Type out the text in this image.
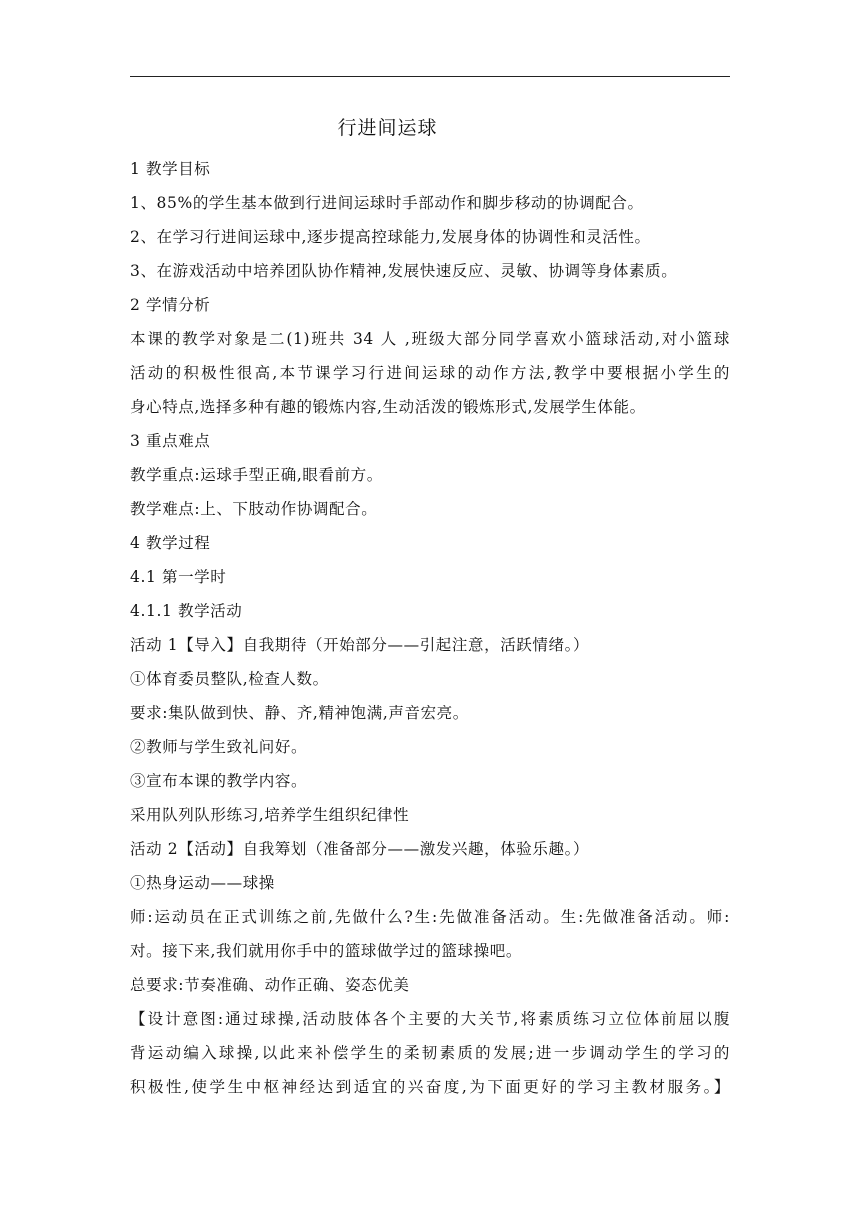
行进间运球
1 教学目标
1、85%的学生基本做到行进间运球时手部动作和脚步移动的协调配合。
2、在学习行进间运球中,逐步提高控球能力,发展身体的协调性和灵活性。
3、在游戏活动中培养团队协作精神,发展快速反应、灵敏、协调等身体素质。
2 学情分析
本课的教学对象是二(1)班共 34 人 ,班级大部分同学喜欢小篮球活动,对小篮球
活动的积极性很高,本节课学习行进间运球的动作方法,教学中要根据小学生的
身心特点,选择多种有趣的锻炼内容,生动活泼的锻炼形式,发展学生体能。
3 重点难点
教学重点:运球手型正确,眼看前方。
教学难点:上、下肢动作协调配合。
4 教学过程
4.1 第一学时
4.1.1 教学活动
活动 1【导入】自我期待（开始部分——引起注意，活跃情绪。）
①体育委员整队,检查人数。
要求:集队做到快、静、齐,精神饱满,声音宏亮。
②教师与学生致礼问好。
③宣布本课的教学内容。
采用队列队形练习,培养学生组织纪律性
活动 2【活动】自我筹划（准备部分——激发兴趣，体验乐趣。）
①热身运动——球操
师:运动员在正式训练之前,先做什么?生:先做准备活动。生:先做准备活动。师:
对。接下来,我们就用你手中的篮球做学过的篮球操吧。
总要求:节奏准确、动作正确、姿态优美
【设计意图:通过球操,活动肢体各个主要的大关节,将素质练习立位体前屈以腹
背运动编入球操,以此来补偿学生的柔韧素质的发展;进一步调动学生的学习的
积极性,使学生中枢神经达到适宜的兴奋度,为下面更好的学习主教材服务。】
